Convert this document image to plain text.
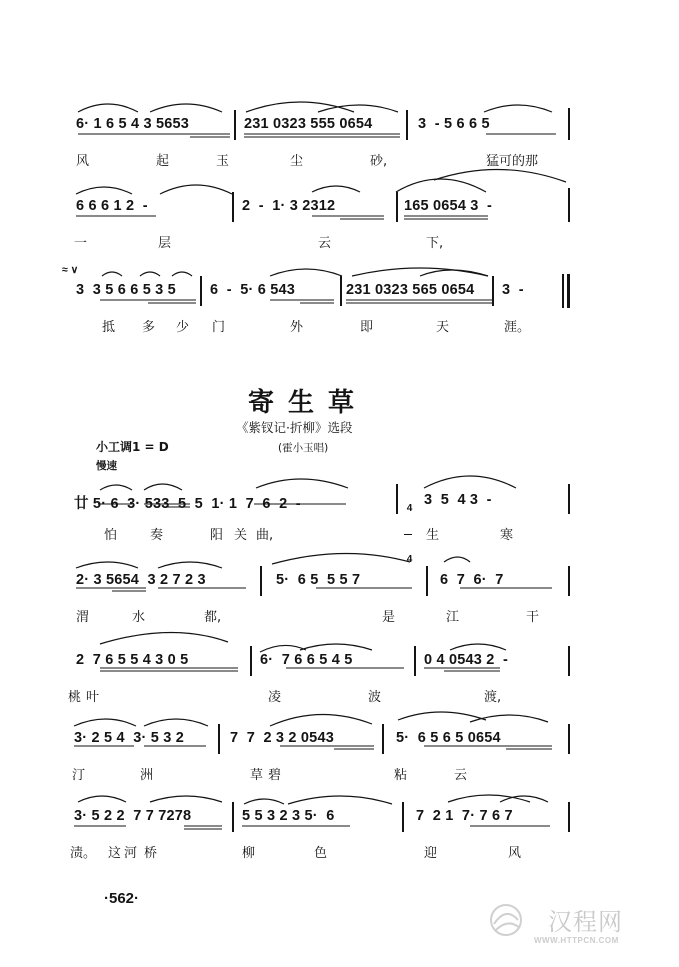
6· 1 6 5 4 3 5653	231 0323 555 0654	3  - 5 6 6 5
风	起	玉	尘	砂,	猛可的那
6 6 6 1 2  -	2  -  1· 3 2312	165 0654 3  -
一	层	云	下,
≈ ∨
3  3 5 6 6 5 3 5 6  -  5· 6 543	231 0323 565 0654 3  -
抵 多 少 门	外	即	天	涯。
寄生草
《紫钗记·折柳》选段
(霍小玉唱)
小工调1 = D
慢速
廿 5· 6  3· 533  5  5  1· 1  7  6  2  -

	4

4

3  5  4 3  -
怕	奏	阳 关 曲,	生	寒
2· 3 5654  3 2 7 2 3	5·  6 5  5 5 7	6  7  6·  7
渭	水	都,	是	江	干
2  7 6 5 5 4 3 0 5	6·  7 6 6 5 4 5	0 4 0543 2  -
桃 叶	凌	波	渡,
3· 2 5 4  3· 5 3 2	7  7  2 3 2 0543	5·  6 5 6 5 0654
汀	洲	草 碧	粘	云
3· 5 2 2  7 7 7278	5 5 3 2 3 5·  6	7  2 1  7· 7 6 7
渍。 这 河 桥	柳	色	迎	风
·562·
汉程网
WWW.HTTPCN.COM
